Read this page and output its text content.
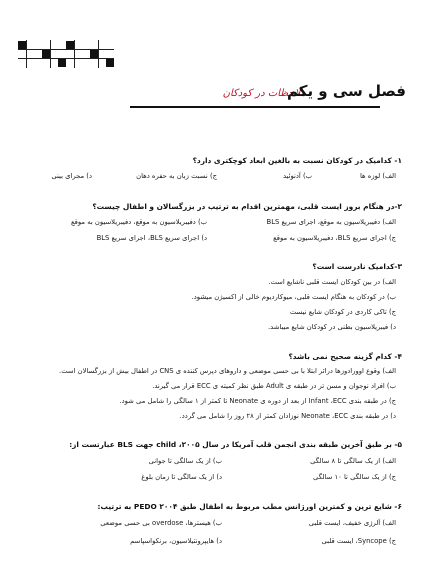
ملاحظات در کودکان
فصل سی و یکم
۱- کدامیک در کودکان نسبت به بالغین ابعاد کوچکتری دارد؟
الف) لوزه ها
ب) آدنوئید
ج) نسبت زبان به حفره دهان
د) مجرای بینی
۲-در هنگام بروز ایست قلبی، مهمترین اقدام به ترتیب در بزرگسالان و اطفال چیست؟
الف) دفیبریلاسیون به موقع، اجرای سریع BLS
ب) دفیبریلاسیون به موقع، دفیبریلاسیون به موقع
ج) اجرای سریع BLS، دفیبریلاسیون به موقع
د) اجرای سریع BLS، اجرای سریع BLS
۳-کدامیک نادرست است؟
الف) در بین کودکان ایست قلبی ناشایع است.
ب) در کودکان به هنگام ایست قلبی، میوکاردیوم خالی از اکسیژن میشود.
ج) تاکی کاردی در کودکان شایع نیست
د) فیبریلاسیون بطنی در کودکان شایع میباشد.
۴- کدام گزینه صحیح نمی باشد؟
الف) وقوع اوورادوزها دراثر ابتلا با بی حسی موضعی و داروهای دپرس کننده ی CNS در اطفال بیش از بزرگسالان است.
ب) افراد نوجوان و مسن تر در طبقه ی Adult طبق نظر کمیته ی ECC قرار می گیرند.
ج) در طبقه بندی Infant ،ECC از بعد از دوره ی Neonate تا کمتر از ۱ سالگی را شامل می شود.
د) در طبقه بندی Neonate ،ECC نوزادان کمتر از ۲۸ روز را شامل می گردد.
۵- بر طبق آخرین طبقه بندی انجمن قلب آمریکا در سال ۲۰۰۵، child جهت BLS عبارتست از:
الف) از یک سالگی تا ۸ سالگی
ب) از یک سالگی تا جوانی
ج) از یک سالگی تا ۱۰ سالگی
د) از یک سالگی تا زمان بلوغ
۶- شایع ترین و کمترین اورژانس مطب مربوط به اطفال طبق PEDO ۲۰۰۴ به ترتیب:
الف) آلرژی خفیف، ایست قلبی
ب) هیسترها، overdose بی حسی موضعی
ج) Syncope، ایست قلبی
د) هایپرونتیلاسیون، برنکواسپاسم
